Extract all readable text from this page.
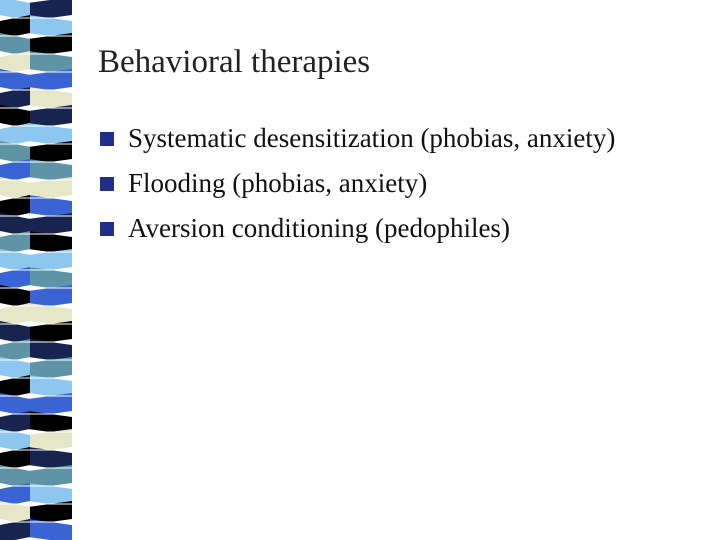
Behavioral therapies
Systematic desensitization (phobias, anxiety)
Flooding (phobias, anxiety)
Aversion conditioning (pedophiles)
